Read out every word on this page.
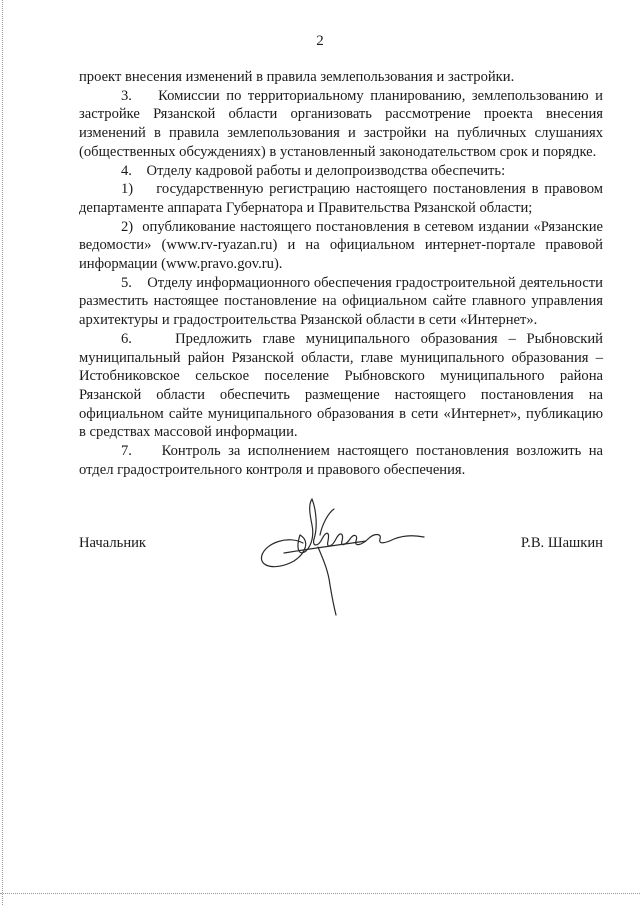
2

проект внесения изменений в правила землепользования и застройки.

3.    Комиссии по территориальному планированию, землепользованию и застройке Рязанской области организовать рассмотрение проекта внесения изменений в правила землепользования и застройки на публичных слушаниях (общественных обсуждениях) в установленный законодательством срок и порядке.

4.    Отделу кадровой работы и делопроизводства обеспечить:

1)    государственную регистрацию настоящего постановления в правовом департаменте аппарата Губернатора и Правительства Рязанской области;

2)  опубликование настоящего постановления в сетевом издании «Рязанские ведомости» (www.rv-ryazan.ru) и на официальном интернет-портале правовой информации (www.pravo.gov.ru).

5.    Отделу информационного обеспечения градостроительной деятельности разместить настоящее постановление на официальном сайте главного управления архитектуры и градостроительства Рязанской области в сети «Интернет».

6.    Предложить главе муниципального образования – Рыбновский муниципальный район Рязанской области, главе муниципального образования – Истобниковское сельское поселение Рыбновского муниципального района Рязанской области обеспечить размещение настоящего постановления на официальном сайте муниципального образования в сети «Интернет», публикацию в средствах массовой информации.

7.    Контроль за исполнением настоящего постановления возложить на отдел градостроительного контроля и правового обеспечения.

Начальник	Р.В. Шашкин
